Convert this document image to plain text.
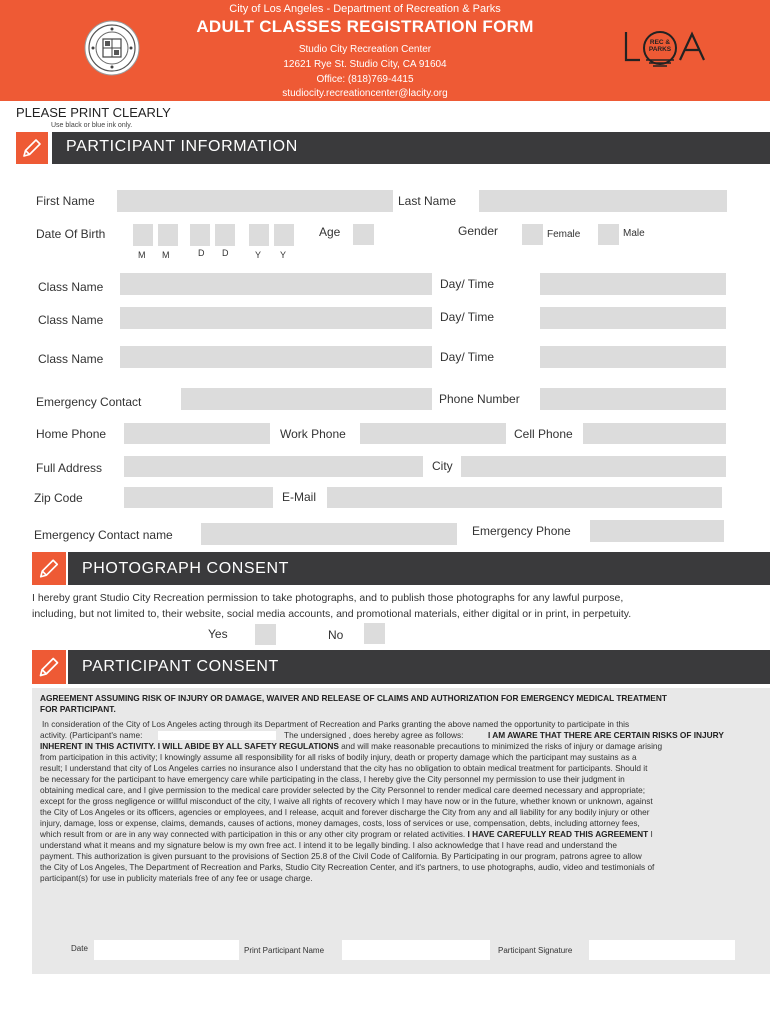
City of Los Angeles - Department of Recreation & Parks
ADULT CLASSES REGISTRATION FORM
Studio City Recreation Center
12621 Rye St. Studio City, CA 91604
Office: (818)769-4415
studiocity.recreationcenter@lacity.org
REC & PARKS
PLEASE PRINT CLEARLY
Use black or blue ink only.
PARTICIPANT INFORMATION
First Name	Last Name
Date Of Birth
M M	D D	Y Y
Age	Gender	Female	Male
Class Name	Day/ Time
Class Name	Day/ Time
Class Name	Day/ Time
Emergency Contact	Phone Number
Home Phone	Work Phone	Cell Phone
Full Address	City
Zip Code	E-Mail
Emergency Contact name	Emergency Phone
PHOTOGRAPH CONSENT
I hereby grant Studio City Recreation permission to take photographs, and to publish those photographs for any lawful purpose,
including, but not limited to, their website, social media accounts, and promotional materials, either digital or in print, in perpetuity.
Yes	No
PARTICIPANT CONSENT
AGREEMENT ASSUMING RISK OF INJURY OR DAMAGE, WAIVER AND RELEASE OF CLAIMS AND AUTHORIZATION FOR EMERGENCY MEDICAL TREATMENT
FOR PARTICIPANT.
In consideration of the City of Los Angeles acting through its Department of Recreation and Parks granting the above named the opportunity to participate in this
activity. (Participant's name:	The undersigned , does hereby agree as follows:	I AM AWARE THAT THERE ARE CERTAIN RISKS OF INJURY
INHERENT IN THIS ACTIVITY. I WILL ABIDE BY ALL SAFETY REGULATIONS and will make reasonable precautions to minimized the risks of injury or damage arising
from participation in this activity; I knowingly assume all responsibility for all risks of bodily injury, death or property damage which the participant may sustains as a
result; I understand that city of Los Angeles carries no insurance also I understand that the city has no obligation to obtain medical treatment for participants. Should it
be necessary for the participant to have emergency care while participating in the class, I hereby give the City personnel my permission to use their judgment in
obtaining medical care, and I give permission to the medical care provider selected by the City Personnel to render medical care deemed necessary and appropriate;
except for the gross negligence or willful misconduct of the city, I waive all rights of recovery which I may have now or in the future, whether known or unknown, against
the City of Los Angeles or its officers, agencies or employees, and I release, acquit and forever discharge the City from any and all liability for any bodily injury or other
injury, damage, loss or expense, claims, demands, causes of actions, money damages, costs, loss of services or use, compensation, debts, including attorney fees,
which result from or are in any way connected with participation in this or any other city program or related activities. I HAVE CAREFULLY READ THIS AGREEMENT I
understand what it means and my signature below is my own free act. I intend it to be legally binding. I also acknowledge that I have read and understand the
payment. This authorization is given pursuant to the provisions of Section 25.8 of the Civil Code of California. By Participating in our program, patrons agree to allow
the City of Los Angeles, The Department of Recreation and Parks, Studio City Recreation Center, and it's partners, to use photographs, audio, video and testimonials of
participant(s) for use in publicity materials free of any fee or usage charge.
Date	Print Participant Name	Participant Signature
